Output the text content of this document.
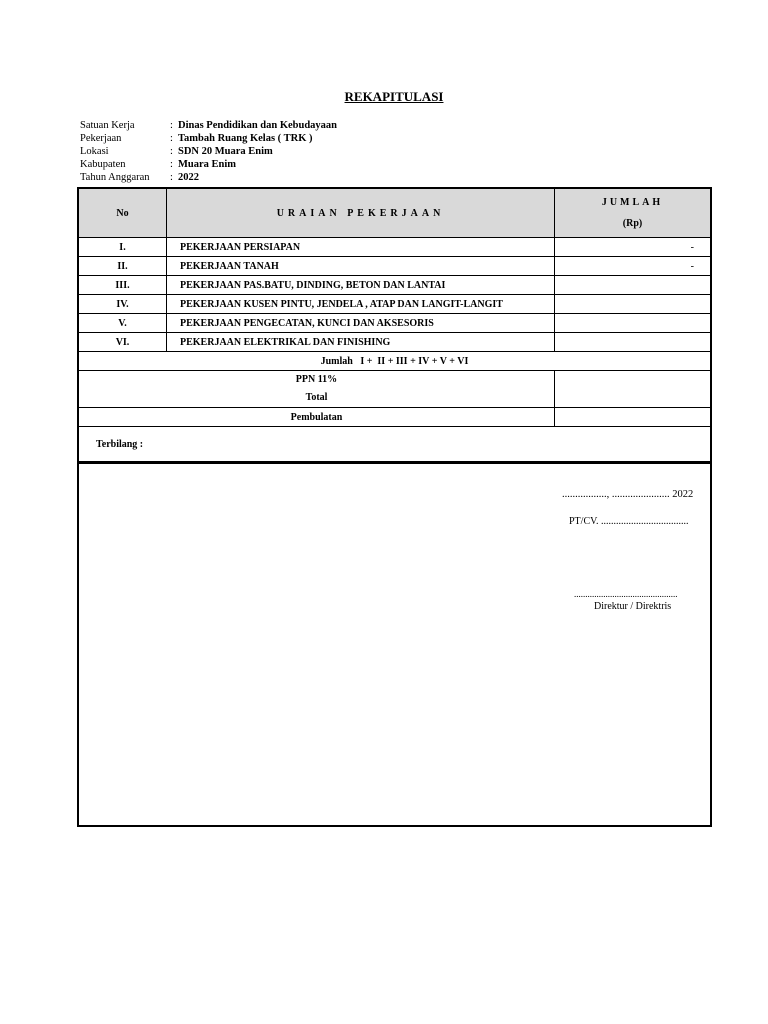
REKAPITULASI
Satuan Kerja	: Dinas Pendidikan dan Kebudayaan
Pekerjaan	: Tambah Ruang Kelas ( TRK )
Lokasi	: SDN 20 Muara Enim
Kabupaten	: Muara Enim
Tahun Anggaran	: 2022
No	URAIAN PEKERJAAN	JUMLAH
(Rp)

I.	PEKERJAAN PERSIAPAN	-
II.	PEKERJAAN TANAH	-
III.	PEKERJAAN PAS.BATU, DINDING, BETON DAN LANTAI	
IV.	PEKERJAAN KUSEN PINTU, JENDELA , ATAP DAN LANGIT-LANGIT	
V.	PEKERJAAN PENGECATAN, KUNCI DAN AKSESORIS	
VI.	PEKERJAAN ELEKTRIKAL DAN FINISHING	
Jumlah   I +  II + III + IV + V + VI		

PPN 11%
Total		

Pembulatan		
Terbilang :		
................., ...................... 2022
PT/CV. ...................................
..............................................
Direktur / Direktris
